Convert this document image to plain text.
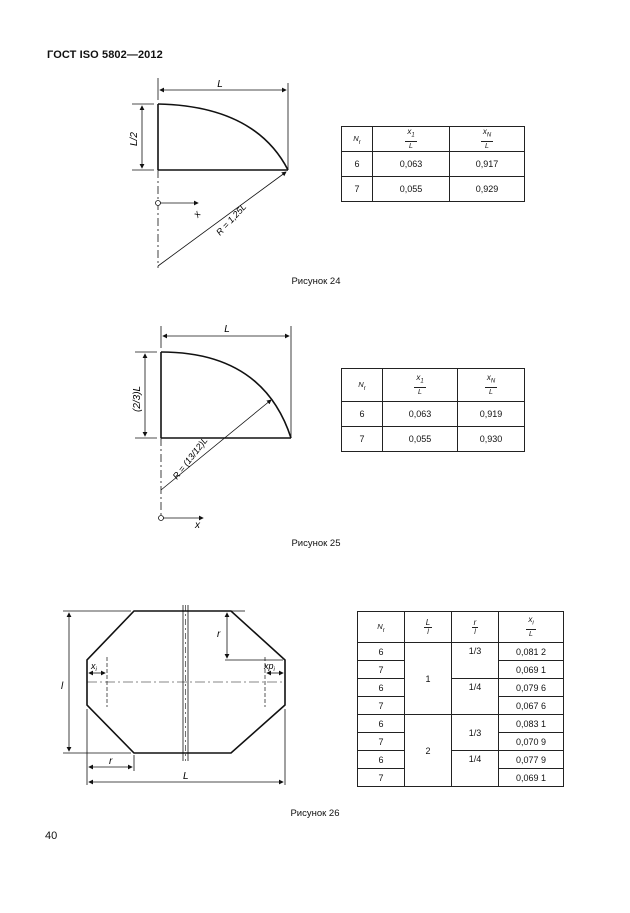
ГОСТ ISO 5802—2012
L
L/2
x R = 1,25L
$N_r$	$\frac{x_1}{L}$	$\frac{x_N}{L}$

6	0,063	0,917
7	0,055	0,929
Рисунок 24
L
(2/3)L
x
R = (13/12)L
$N_r$	$\frac{x_1}{L}$	$\frac{x_N}{L}$

6	0,063	0,919
7	0,055	0,930
Рисунок 25
l
r
$x_i$	$xp_i$
r
L
$N_r$	$\frac{L}{l}$	$\frac{r}{l}$	$\frac{x_i}{L}$

6	1	1/3	0,081 2
7			0,069 1
6		1/4	0,079 6
7			0,067 6
6	2	1/3	0,083 1
7			0,070 9
6		1/4	0,077 9
7			0,069 1
Рисунок 26
40
